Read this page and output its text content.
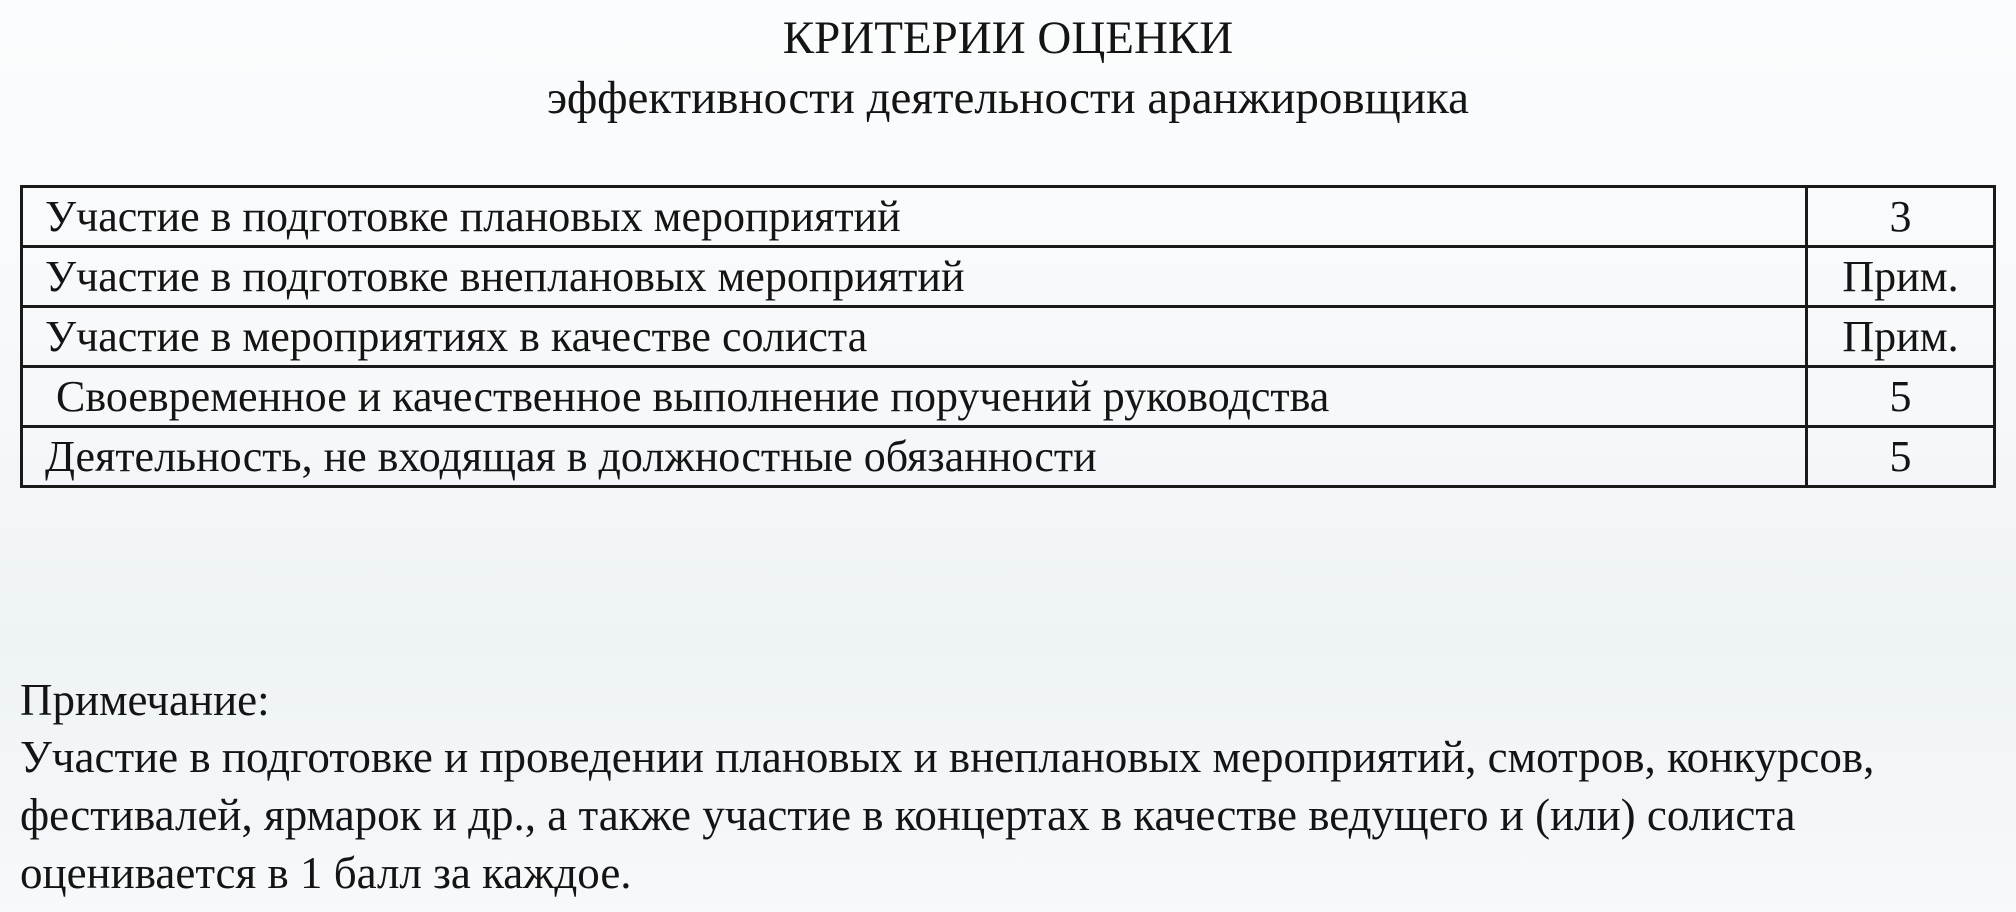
КРИТЕРИИ ОЦЕНКИ
эффективности деятельности аранжировщика
Участие в подготовке плановых мероприятий	3
Участие в подготовке внеплановых мероприятий	Прим.
Участие в мероприятиях в качестве солиста	Прим.
Своевременное и качественное выполнение поручений руководства	5
Деятельность, не входящая в должностные обязанности	5
Примечание:
Участие в подготовке и проведении плановых и внеплановых мероприятий, смотров, конкурсов, фестивалей, ярмарок и др., а также участие в концертах в качестве ведущего и (или) солиста оценивается в 1 балл за каждое.
